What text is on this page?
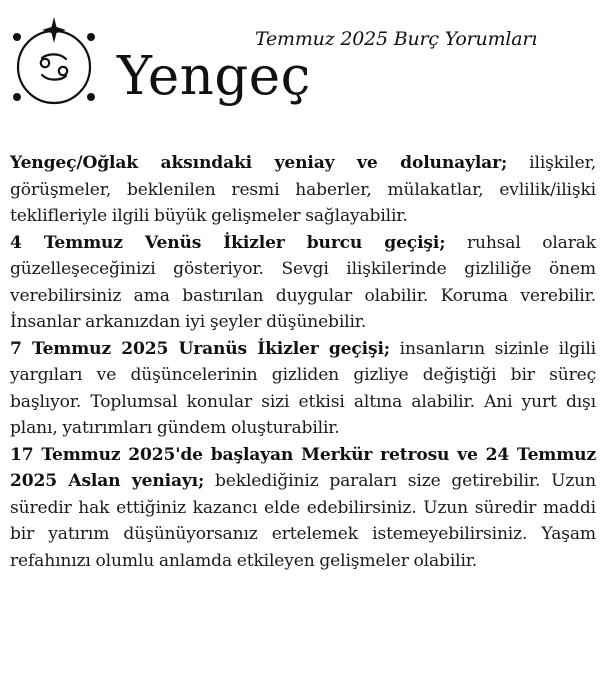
Temmuz 2025 Burç Yorumları
Yengeç

Yengeç/Oğlak aksındaki yeniay ve dolunaylar; ilişkiler, görüşmeler, beklenilen resmi haberler, mülakatlar, evlilik/ilişki teklifleriyle ilgili büyük gelişmeler sağlayabilir.

4 Temmuz Venüs İkizler burcu geçişi; ruhsal olarak güzelleşeceğinizi gösteriyor. Sevgi ilişkilerinde gizliliğe önem verebilirsiniz ama bastırılan duygular olabilir. Koruma verebilir. İnsanlar arkanızdan iyi şeyler düşünebilir.

7 Temmuz 2025 Uranüs İkizler geçişi; insanların sizinle ilgili yargıları ve düşüncelerinin gizliden gizliye değiştiği bir süreç başlıyor. Toplumsal konular sizi etkisi altına alabilir. Ani yurt dışı planı, yatırımları gündem oluşturabilir.

17 Temmuz 2025'de başlayan Merkür retrosu ve 24 Temmuz 2025 Aslan yeniayı; beklediğiniz paraları size getirebilir. Uzun süredir hak ettiğiniz kazancı elde edebilirsiniz. Uzun süredir maddi bir yatırım düşünüyorsanız ertelemek istemeyebilirsiniz. Yaşam refahınızı olumlu anlamda etkileyen gelişmeler olabilir.
